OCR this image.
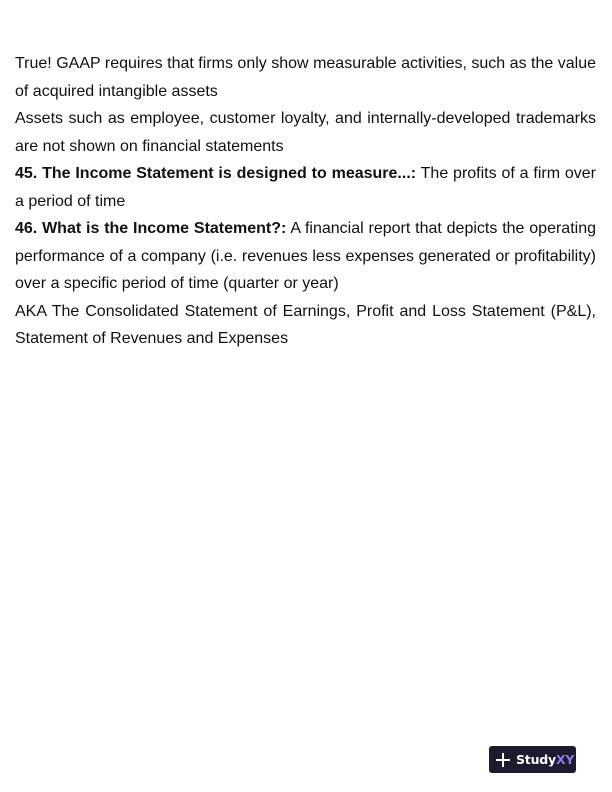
True! GAAP requires that firms only show measurable activities, such as the value of acquired intangible assets

Assets such as employee, customer loyalty, and internally-developed trademarks are not shown on financial statements

45. The Income Statement is designed to measure...: The profits of a firm over a period of time

46. What is the Income Statement?: A financial report that depicts the operating performance of a company (i.e. revenues less expenses generated or profitability) over a specific period of time (quarter or year)

AKA The Consolidated Statement of Earnings, Profit and Loss Statement (P&L), Statement of Revenues and Expenses

StudyXY
